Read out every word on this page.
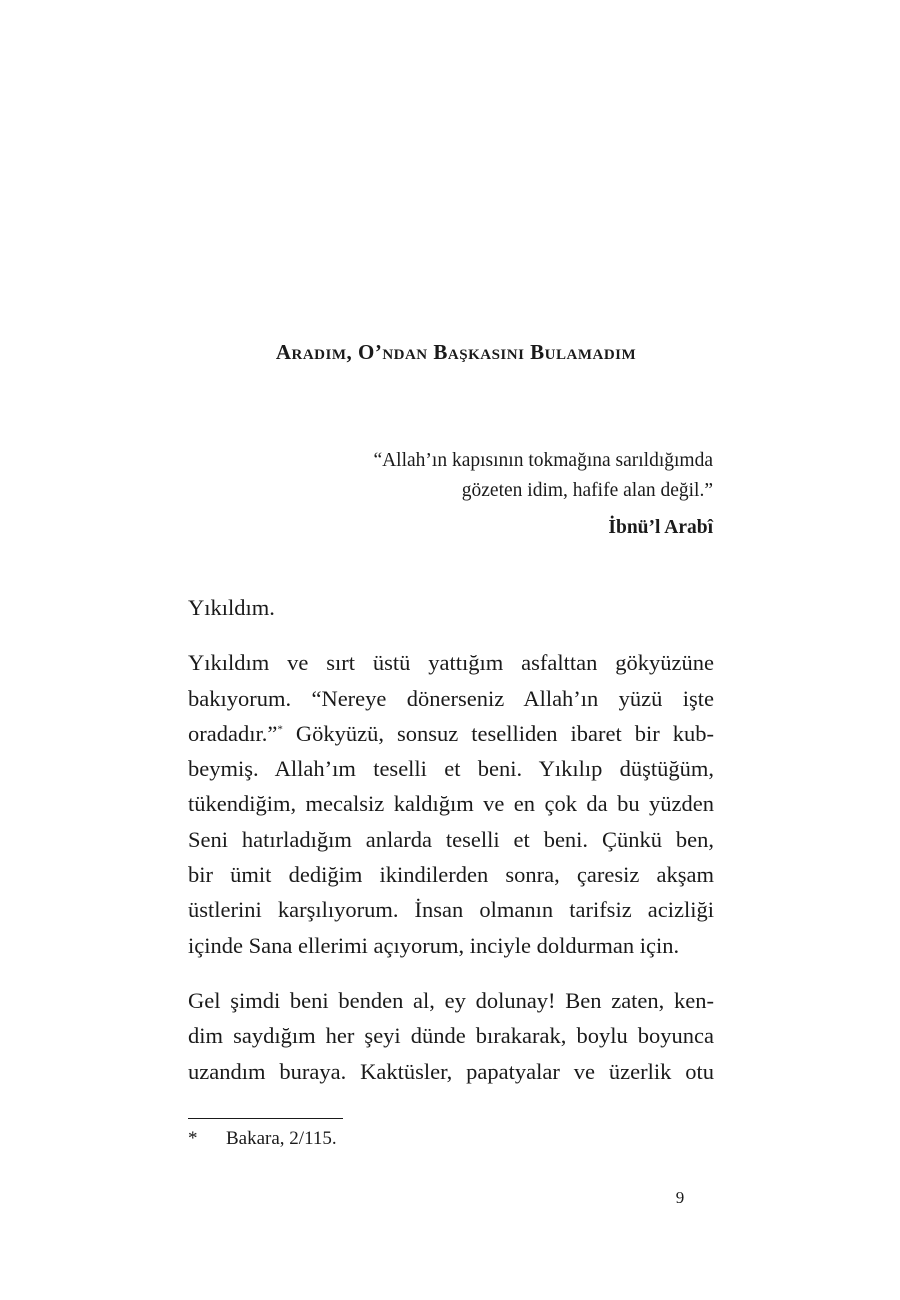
Aradım, O’ndan Başkasını Bulamadım
“Allah’ın kapısının tokmağına sarıldığımda
gözeten idim, hafife alan değil.”
İbnü’l Arabî

Yıkıldım.

Yıkıldım ve sırt üstü yattığım asfalttan gökyüzüne
bakıyorum. “Nereye dönerseniz Allah’ın yüzü işte
oradadır.”* Gökyüzü, sonsuz teselliden ibaret bir kub-
beymiş. Allah’ım teselli et beni. Yıkılıp düştüğüm,
tükendiğim, mecalsiz kaldığım ve en çok da bu yüzden
Seni hatırladığım anlarda teselli et beni. Çünkü ben,
bir ümit dediğim ikindilerden sonra, çaresiz akşam
üstlerini karşılıyorum. İnsan olmanın tarifsiz acizliği
içinde Sana ellerimi açıyorum, inciyle doldurman için.

Gel şimdi beni benden al, ey dolunay! Ben zaten, ken-
dim saydığım her şeyi dünde bırakarak, boylu boyunca
uzandım buraya. Kaktüsler, papatyalar ve üzerlik otu

* Bakara, 2/115.
9
